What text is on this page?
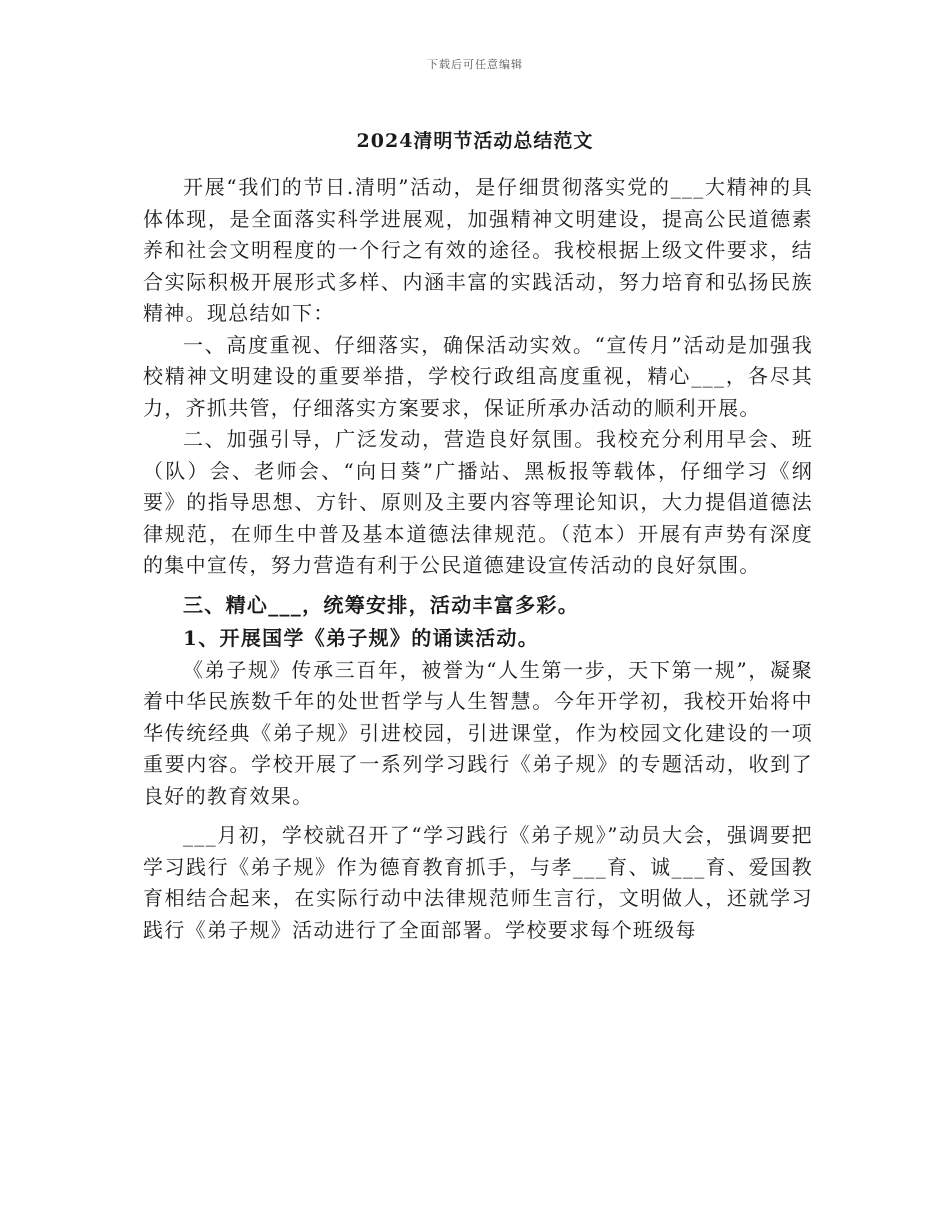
下载后可任意编辑
2024清明节活动总结范文

开展“我们的节日.清明”活动，是仔细贯彻落实党的___大精神的具体体现，是全面落实科学进展观，加强精神文明建设，提高公民道德素养和社会文明程度的一个行之有效的途径。我校根据上级文件要求，结合实际积极开展形式多样、内涵丰富的实践活动，努力培育和弘扬民族精神。现总结如下：

一、高度重视、仔细落实，确保活动实效。“宣传月”活动是加强我校精神文明建设的重要举措，学校行政组高度重视，精心___，各尽其力，齐抓共管，仔细落实方案要求，保证所承办活动的顺利开展。

二、加强引导，广泛发动，营造良好氛围。我校充分利用早会、班（队）会、老师会、“向日葵”广播站、黑板报等载体，仔细学习《纲要》的指导思想、方针、原则及主要内容等理论知识，大力提倡道德法律规范，在师生中普及基本道德法律规范。（范本）开展有声势有深度的集中宣传，努力营造有利于公民道德建设宣传活动的良好氛围。

三、精心___，统筹安排，活动丰富多彩。

1、开展国学《弟子规》的诵读活动。

《弟子规》传承三百年，被誉为“人生第一步，天下第一规”，凝聚着中华民族数千年的处世哲学与人生智慧。今年开学初，我校开始将中华传统经典《弟子规》引进校园，引进课堂，作为校园文化建设的一项重要内容。学校开展了一系列学习践行《弟子规》的专题活动，收到了良好的教育效果。

___月初，学校就召开了“学习践行《弟子规》”动员大会，强调要把学习践行《弟子规》作为德育教育抓手，与孝___育、诚___育、爱国教育相结合起来，在实际行动中法律规范师生言行，文明做人，还就学习践行《弟子规》活动进行了全面部署。学校要求每个班级每
